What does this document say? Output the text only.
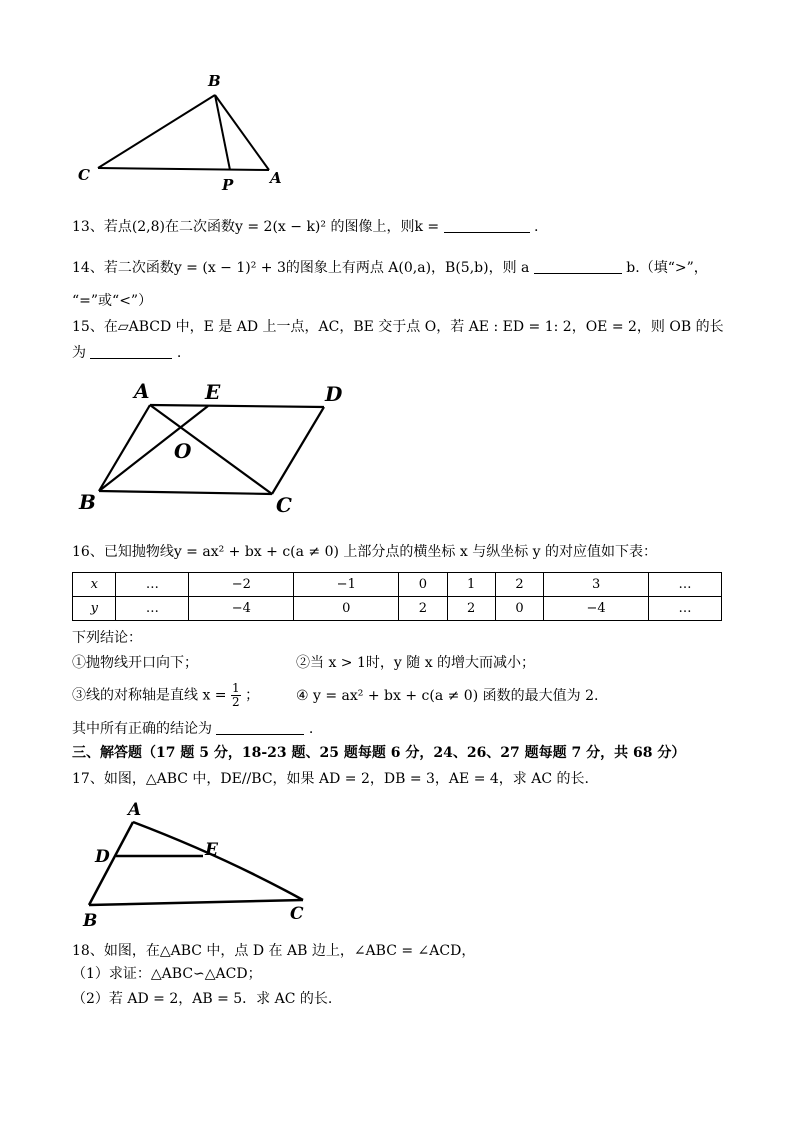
B
C
P A
13、若点(2,8)在二次函数y = 2(x − k)² 的图像上，则k =	.
14、若二次函数y = (x − 1)² + 3的图象上有两点 A(0,a)，B(5,b)，则 a	b.（填“>”，
“=”或“<”）
15、在▱ABCD 中，E 是 AD 上一点，AC，BE 交于点 O，若 AE : ED = 1: 2，OE = 2，则 OB 的长
为	.
A	E	D
O
B	C
16、已知抛物线y = ax² + bx + c(a ≠ 0) 上部分点的横坐标 x 与纵坐标 y 的对应值如下表：
x	…	−2	−1	0	1	2	3	…
y	…	−4	0	2	2	0	−4	…
下列结论：
①抛物线开口向下；	②当 x > 1时，y 随 x 的增大而减小；
③线的对称轴是直线 $x = \frac{1}{2}$ ；	④ y = ax² + bx + c(a ≠ 0) 函数的最大值为 2.
其中所有正确的结论为	.
三、解答题（17 题 5 分，18-23 题、25 题每题 6 分，24、26、27 题每题 7 分，共 68 分）
17、如图，△ABC 中，DE//BC，如果 AD = 2，DB = 3，AE = 4，求 AC 的长.
A
D	E
B	C
18、如图，在△ABC 中，点 D 在 AB 边上，∠ABC = ∠ACD，
（1）求证：△ABC∽△ACD；
（2）若 AD = 2，AB = 5．求 AC 的长.
